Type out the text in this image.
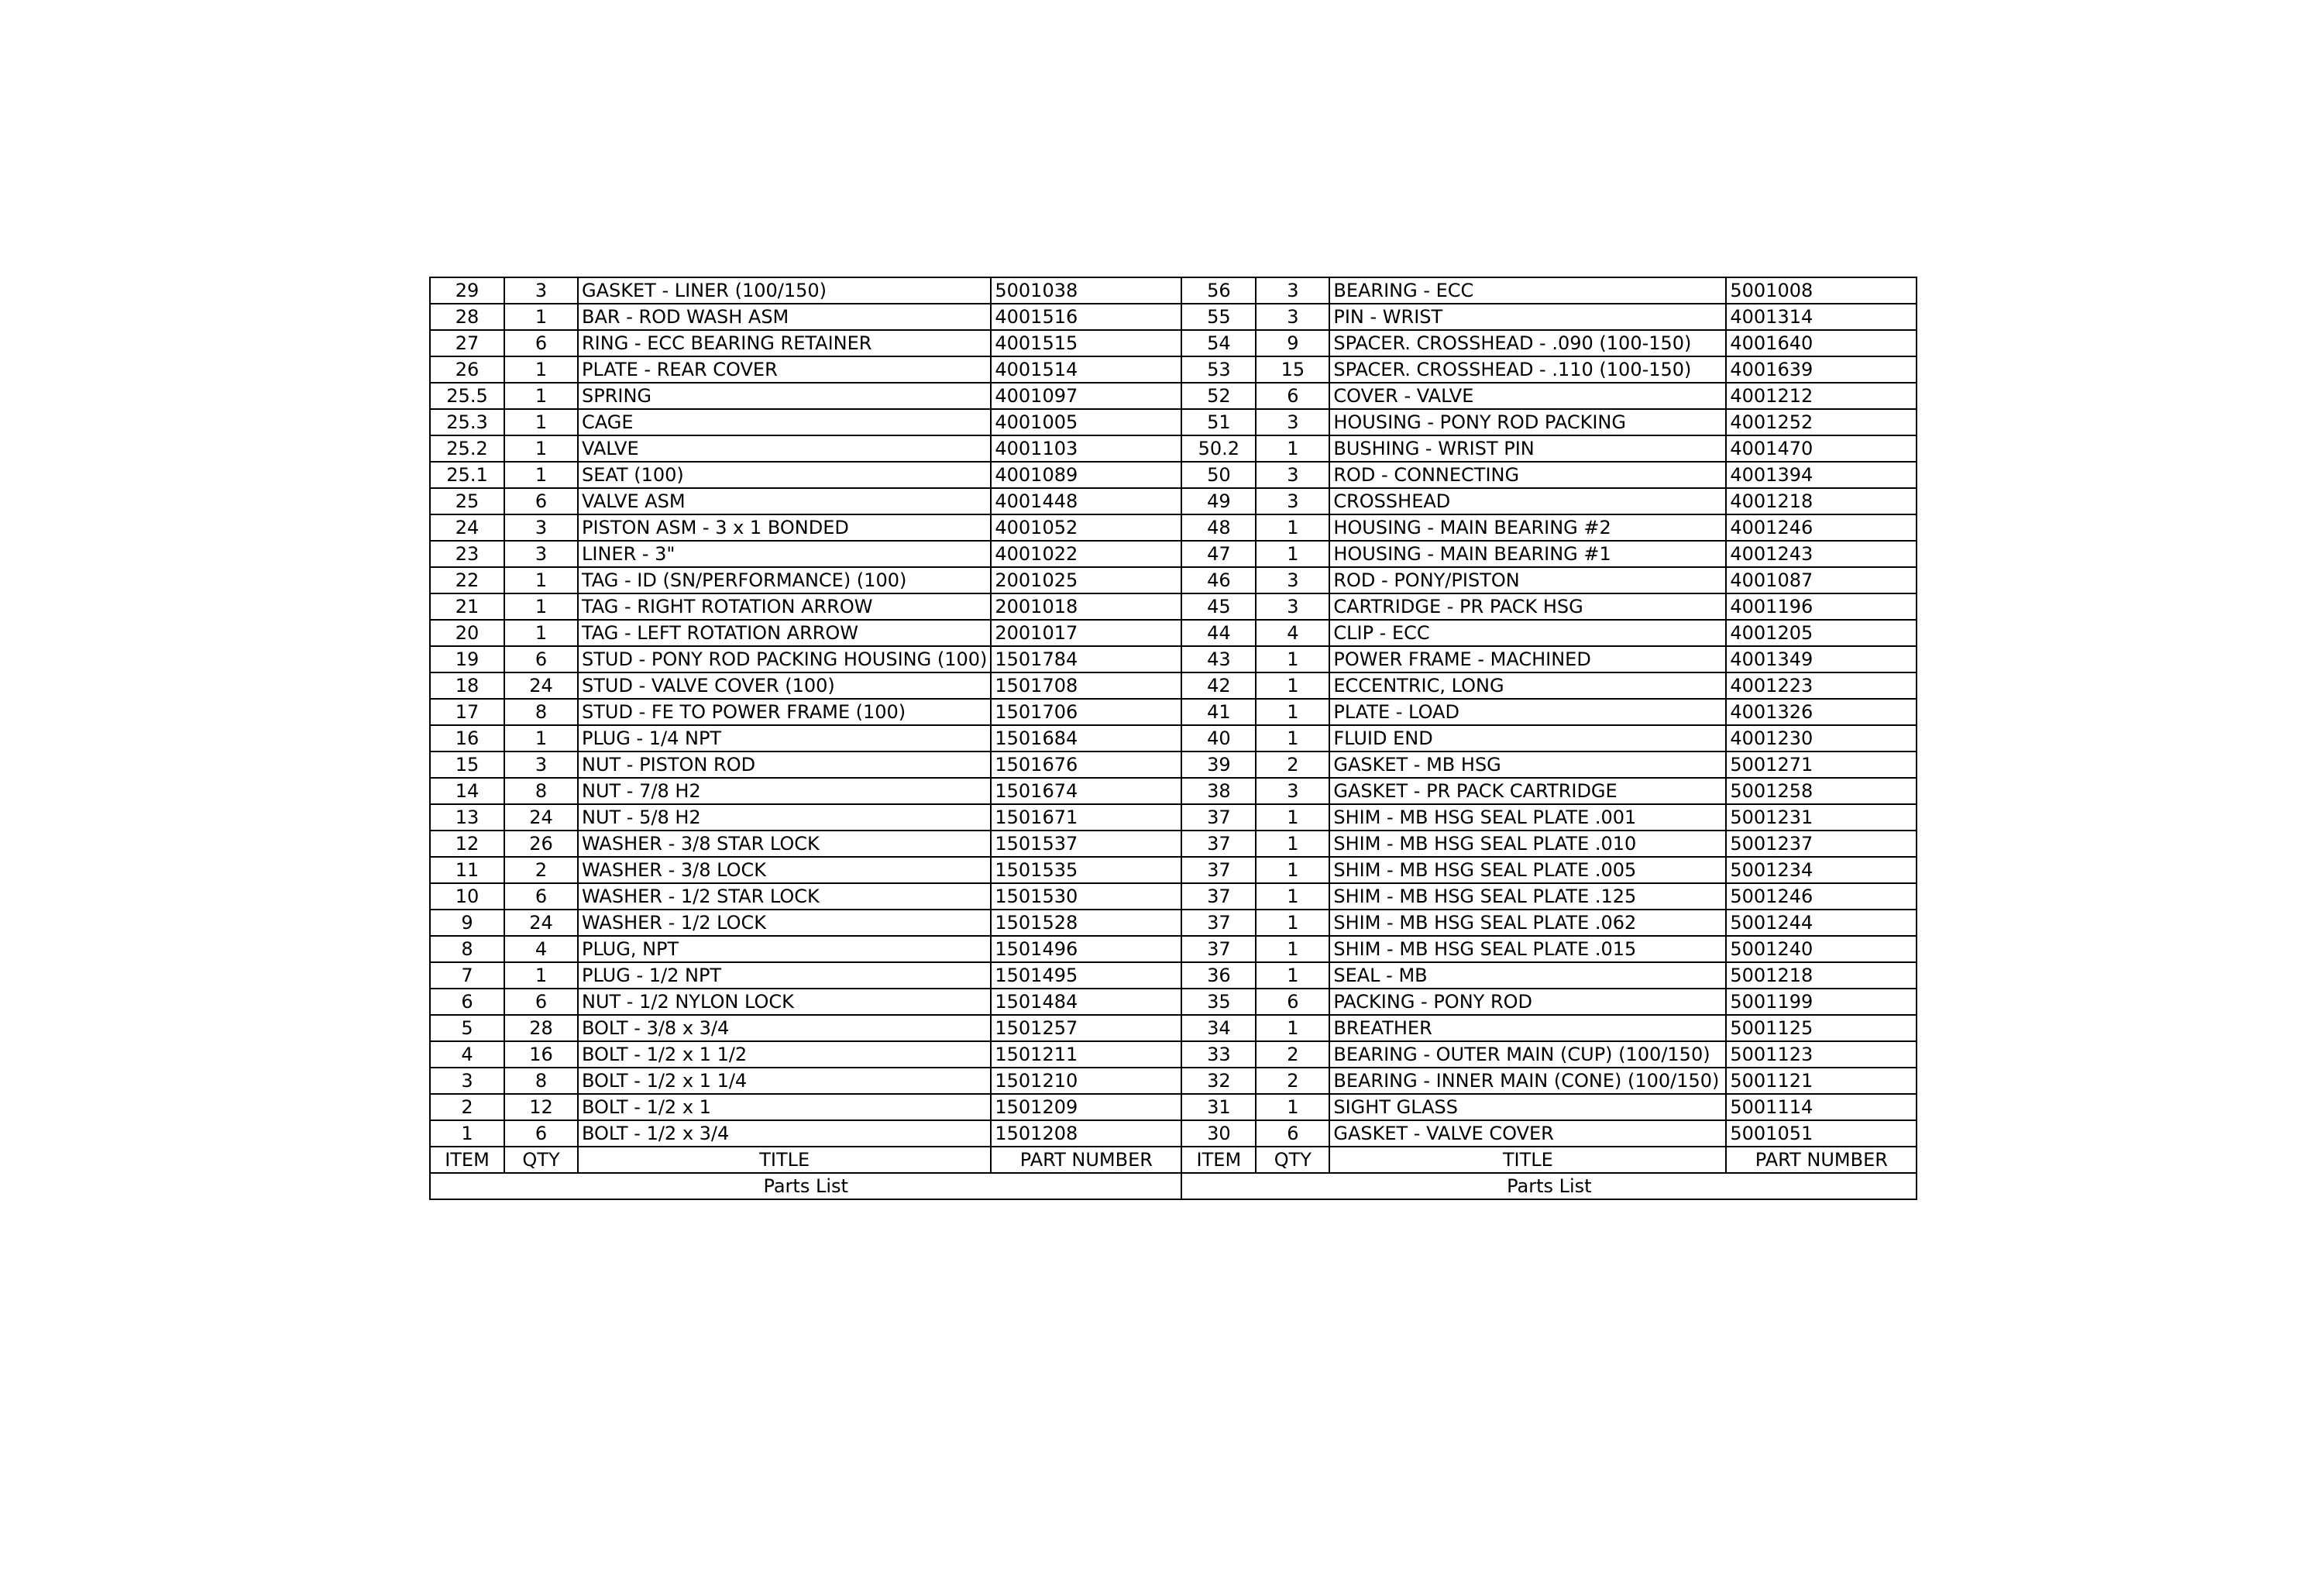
29	3	GASKET - LINER (100/150)	5001038
28	1	BAR - ROD WASH ASM	4001516
27	6	RING - ECC BEARING RETAINER	4001515
26	1	PLATE - REAR COVER	4001514
25.5	1	SPRING	4001097
25.3	1	CAGE	4001005
25.2	1	VALVE	4001103
25.1	1	SEAT (100)	4001089
25	6	VALVE ASM	4001448
24	3	PISTON ASM - 3 x 1 BONDED	4001052
23	3	LINER - 3"	4001022
22	1	TAG - ID (SN/PERFORMANCE) (100)	2001025
21	1	TAG - RIGHT ROTATION ARROW	2001018
20	1	TAG - LEFT ROTATION ARROW	2001017
19	6	STUD - PONY ROD PACKING HOUSING (100)	1501784
18	24	STUD - VALVE COVER (100)	1501708
17	8	STUD - FE TO POWER FRAME (100)	1501706
16	1	PLUG - 1/4 NPT	1501684
15	3	NUT - PISTON ROD	1501676
14	8	NUT - 7/8 H2	1501674
13	24	NUT - 5/8 H2	1501671
12	26	WASHER - 3/8 STAR LOCK	1501537
11	2	WASHER - 3/8 LOCK	1501535
10	6	WASHER - 1/2 STAR LOCK	1501530
9	24	WASHER - 1/2 LOCK	1501528
8	4	PLUG, NPT	1501496
7	1	PLUG - 1/2 NPT	1501495
6	6	NUT - 1/2 NYLON LOCK	1501484
5	28	BOLT - 3/8 x 3/4	1501257
4	16	BOLT - 1/2 x 1 1/2	1501211
3	8	BOLT - 1/2 x 1 1/4	1501210
2	12	BOLT - 1/2 x 1	1501209
1	6	BOLT - 1/2 x 3/4	1501208
ITEM	QTY	TITLE	PART NUMBER
Parts List			
56	3	BEARING - ECC	5001008
55	3	PIN - WRIST	4001314
54	9	SPACER. CROSSHEAD - .090 (100-150)	4001640
53	15	SPACER. CROSSHEAD - .110 (100-150)	4001639
52	6	COVER - VALVE	4001212
51	3	HOUSING - PONY ROD PACKING	4001252
50.2	1	BUSHING - WRIST PIN	4001470
50	3	ROD - CONNECTING	4001394
49	3	CROSSHEAD	4001218
48	1	HOUSING - MAIN BEARING #2	4001246
47	1	HOUSING - MAIN BEARING #1	4001243
46	3	ROD - PONY/PISTON	4001087
45	3	CARTRIDGE - PR PACK HSG	4001196
44	4	CLIP - ECC	4001205
43	1	POWER FRAME - MACHINED	4001349
42	1	ECCENTRIC, LONG	4001223
41	1	PLATE - LOAD	4001326
40	1	FLUID END	4001230
39	2	GASKET - MB HSG	5001271
38	3	GASKET - PR PACK CARTRIDGE	5001258
37	1	SHIM - MB HSG SEAL PLATE .001	5001231
37	1	SHIM - MB HSG SEAL PLATE .010	5001237
37	1	SHIM - MB HSG SEAL PLATE .005	5001234
37	1	SHIM - MB HSG SEAL PLATE .125	5001246
37	1	SHIM - MB HSG SEAL PLATE .062	5001244
37	1	SHIM - MB HSG SEAL PLATE .015	5001240
36	1	SEAL - MB	5001218
35	6	PACKING - PONY ROD	5001199
34	1	BREATHER	5001125
33	2	BEARING - OUTER MAIN (CUP) (100/150)	5001123
32	2	BEARING - INNER MAIN (CONE) (100/150)	5001121
31	1	SIGHT GLASS	5001114
30	6	GASKET - VALVE COVER	5001051
ITEM	QTY	TITLE	PART NUMBER
Parts List			
